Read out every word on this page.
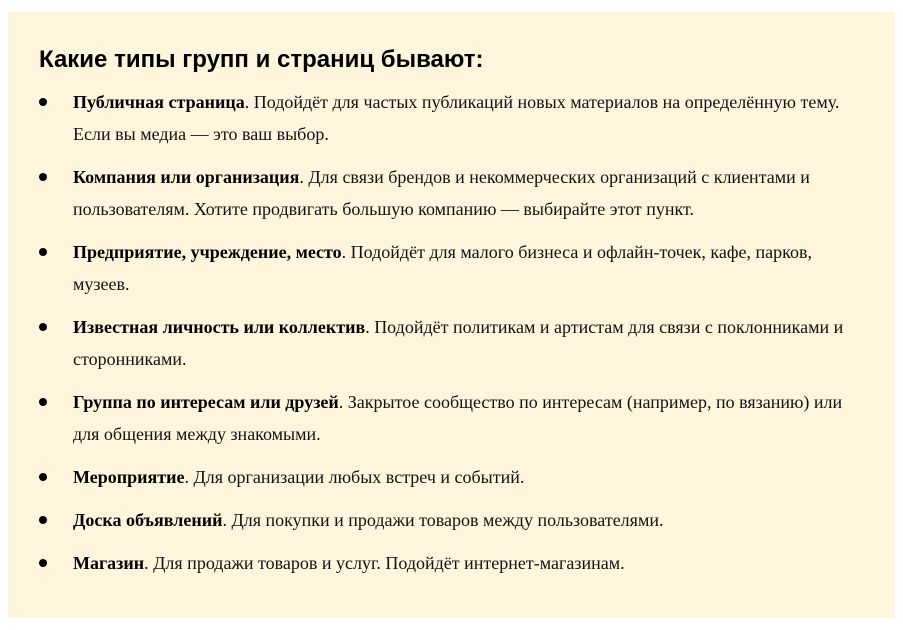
Какие типы групп и страниц бывают:
Публичная страница. Подойдёт для частых публикаций новых материалов на определённую тему. Если вы медиа — это ваш выбор.
Компания или организация. Для связи брендов и некоммерческих организаций с клиентами и пользователям. Хотите продвигать большую компанию — выбирайте этот пункт.
Предприятие, учреждение, место. Подойдёт для малого бизнеса и офлайн-точек, кафе, парков, музеев.
Известная личность или коллектив. Подойдёт политикам и артистам для связи с поклонниками и сторонниками.
Группа по интересам или друзей. Закрытое сообщество по интересам (например, по вязанию) или для общения между знакомыми.
Мероприятие. Для организации любых встреч и событий.
Доска объявлений. Для покупки и продажи товаров между пользователями.
Магазин. Для продажи товаров и услуг. Подойдёт интернет-магазинам.
